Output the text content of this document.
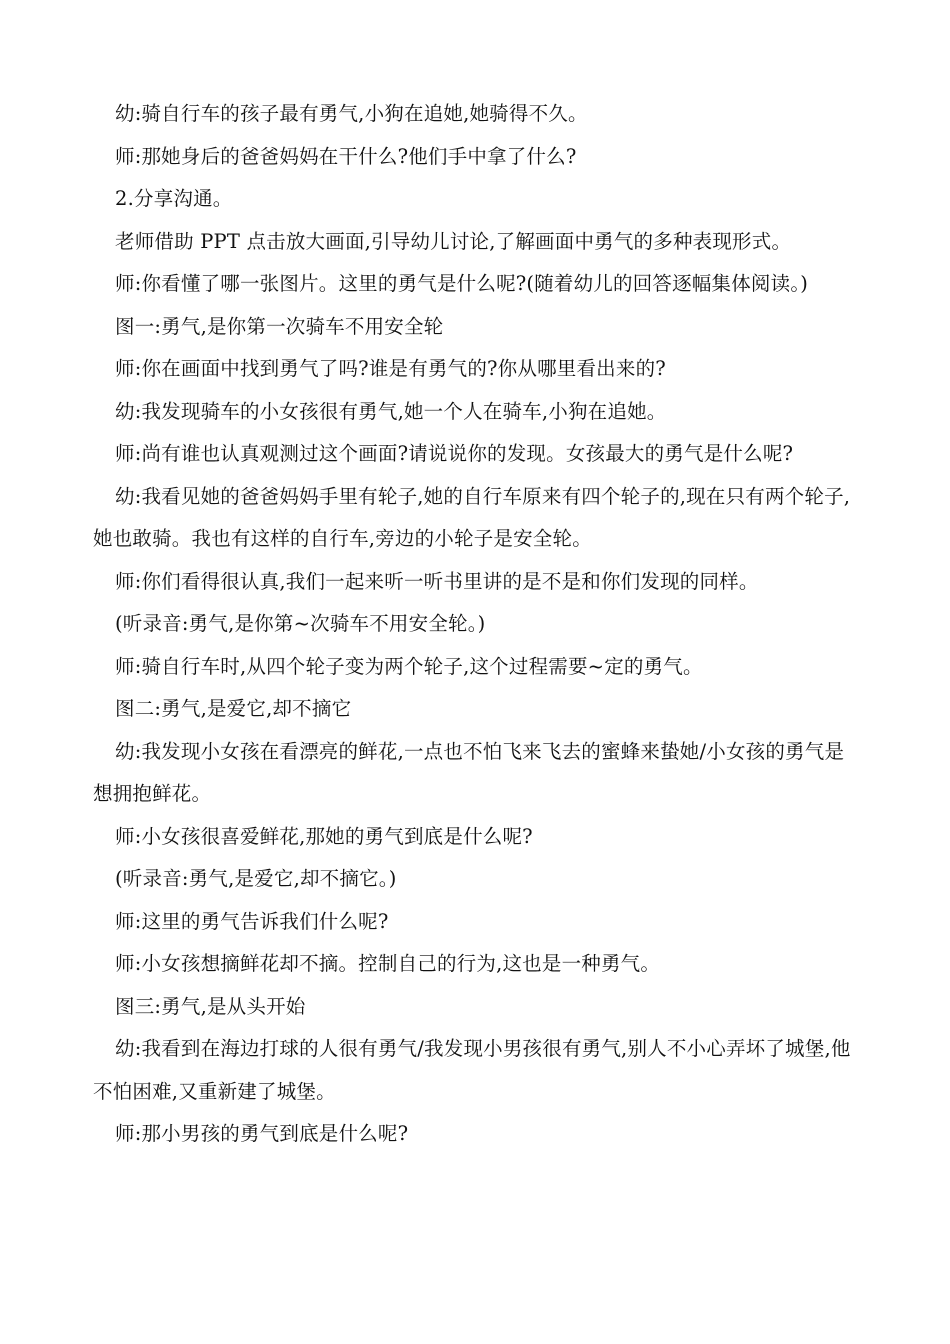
幼:骑自行车的孩子最有勇气,小狗在追她,她骑得不久。

师:那她身后的爸爸妈妈在干什么?他们手中拿了什么?

2.分享沟通。

老师借助 PPT 点击放大画面,引导幼儿讨论,了解画面中勇气的多种表现形式。

师:你看懂了哪一张图片。这里的勇气是什么呢?(随着幼儿的回答逐幅集体阅读。)

图一:勇气,是你第一次骑车不用安全轮

师:你在画面中找到勇气了吗?谁是有勇气的?你从哪里看出来的?

幼:我发现骑车的小女孩很有勇气,她一个人在骑车,小狗在追她。

师:尚有谁也认真观测过这个画面?请说说你的发现。女孩最大的勇气是什么呢?

幼:我看见她的爸爸妈妈手里有轮子,她的自行车原来有四个轮子的,现在只有两个轮子,她也敢骑。我也有这样的自行车,旁边的小轮子是安全轮。

师:你们看得很认真,我们一起来听一听书里讲的是不是和你们发现的同样。

(听录音:勇气,是你第~次骑车不用安全轮。)

师:骑自行车时,从四个轮子变为两个轮子,这个过程需要~定的勇气。

图二:勇气,是爱它,却不摘它

幼:我发现小女孩在看漂亮的鲜花,一点也不怕飞来飞去的蜜蜂来蛰她/小女孩的勇气是想拥抱鲜花。

师:小女孩很喜爱鲜花,那她的勇气到底是什么呢?

(听录音:勇气,是爱它,却不摘它。)

师:这里的勇气告诉我们什么呢?

师:小女孩想摘鲜花却不摘。控制自己的行为,这也是一种勇气。

图三:勇气,是从头开始

幼:我看到在海边打球的人很有勇气/我发现小男孩很有勇气,别人不小心弄坏了城堡,他不怕困难,又重新建了城堡。

师:那小男孩的勇气到底是什么呢?
